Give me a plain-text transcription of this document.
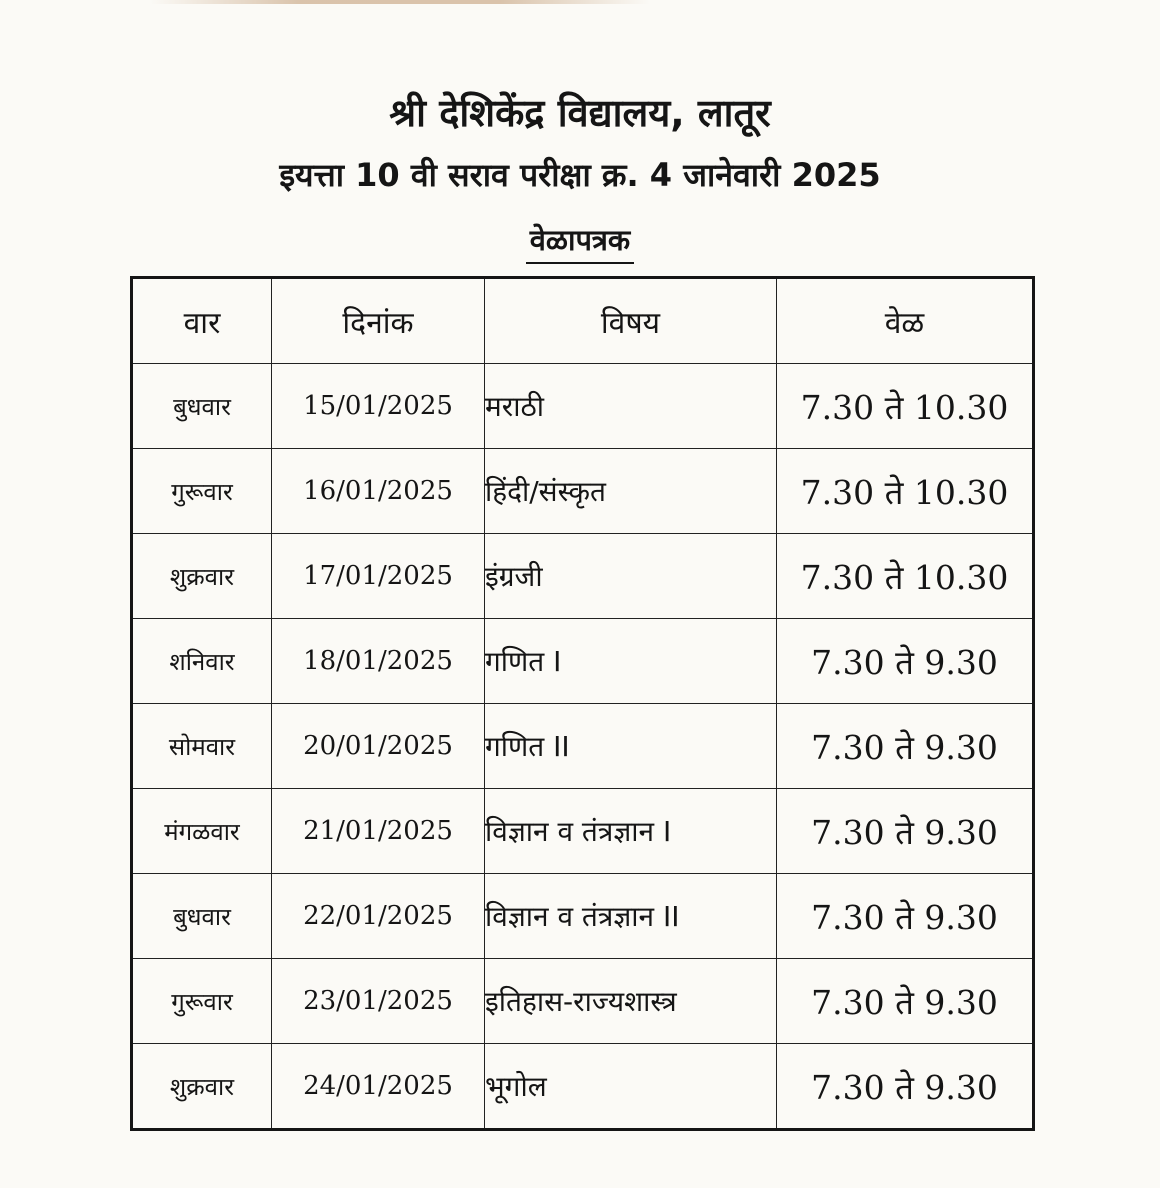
श्री देशिकेंद्र विद्यालय, लातूर
इयत्ता 10 वी सराव परीक्षा क्र. 4 जानेवारी 2025
वेळापत्रक
वार	दिनांक	विषय	वेळ
बुधवार	15/01/2025	मराठी	7.30 ते 10.30
गुरूवार	16/01/2025	हिंदी/संस्कृत	7.30 ते 10.30
शुक्रवार	17/01/2025	इंग्रजी	7.30 ते 10.30
शनिवार	18/01/2025	गणित I	7.30 ते 9.30
सोमवार	20/01/2025	गणित II	7.30 ते 9.30
मंगळवार	21/01/2025	विज्ञान व तंत्रज्ञान I	7.30 ते 9.30
बुधवार	22/01/2025	विज्ञान व तंत्रज्ञान II	7.30 ते 9.30
गुरूवार	23/01/2025	इतिहास-राज्यशास्त्र	7.30 ते 9.30
शुक्रवार	24/01/2025	भूगोल	7.30 ते 9.30
